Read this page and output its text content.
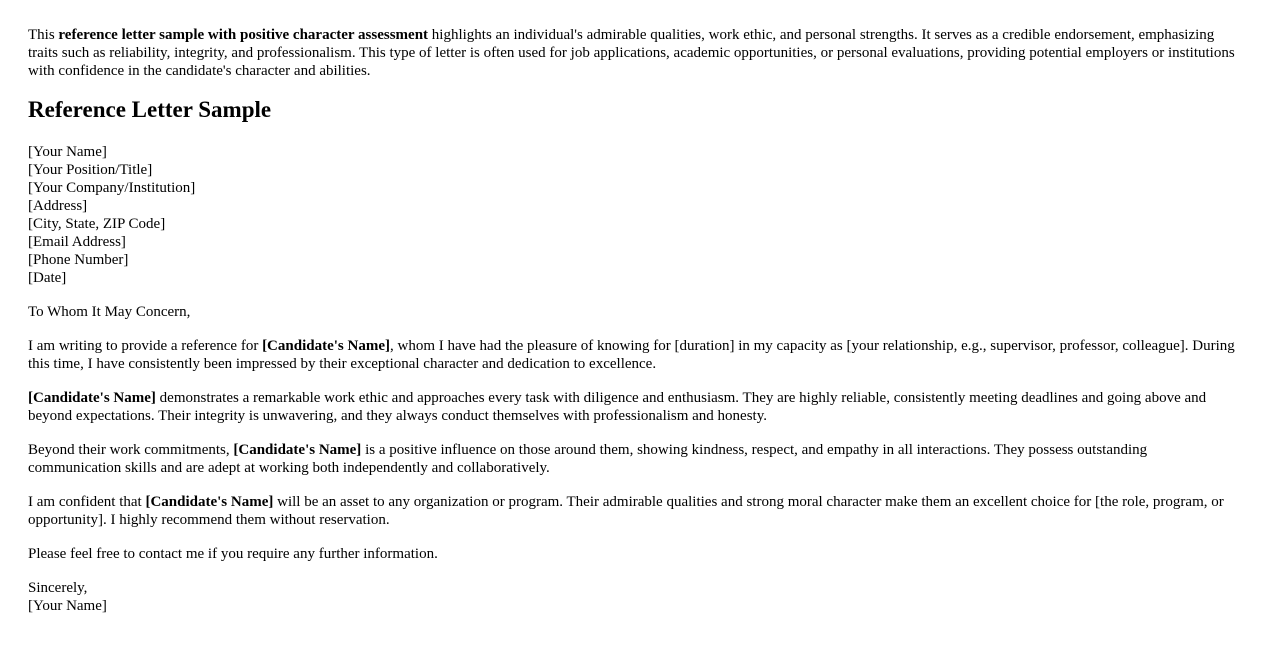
This reference letter sample with positive character assessment highlights an individual's admirable qualities, work ethic, and personal strengths. It serves as a credible endorsement, emphasizing traits such as reliability, integrity, and professionalism. This type of letter is often used for job applications, academic opportunities, or personal evaluations, providing potential employers or institutions with confidence in the candidate's character and abilities.

Reference Letter Sample
[Your Name]
[Your Position/Title]
[Your Company/Institution]
[Address]
[City, State, ZIP Code]
[Email Address]
[Phone Number]
[Date]

To Whom It May Concern,

I am writing to provide a reference for [Candidate's Name], whom I have had the pleasure of knowing for [duration] in my capacity as [your relationship, e.g., supervisor, professor, colleague]. During this time, I have consistently been impressed by their exceptional character and dedication to excellence.

[Candidate's Name] demonstrates a remarkable work ethic and approaches every task with diligence and enthusiasm. They are highly reliable, consistently meeting deadlines and going above and beyond expectations. Their integrity is unwavering, and they always conduct themselves with professionalism and honesty.

Beyond their work commitments, [Candidate's Name] is a positive influence on those around them, showing kindness, respect, and empathy in all interactions. They possess outstanding communication skills and are adept at working both independently and collaboratively.

I am confident that [Candidate's Name] will be an asset to any organization or program. Their admirable qualities and strong moral character make them an excellent choice for [the role, program, or opportunity]. I highly recommend them without reservation.

Please feel free to contact me if you require any further information.

Sincerely,
[Your Name]
